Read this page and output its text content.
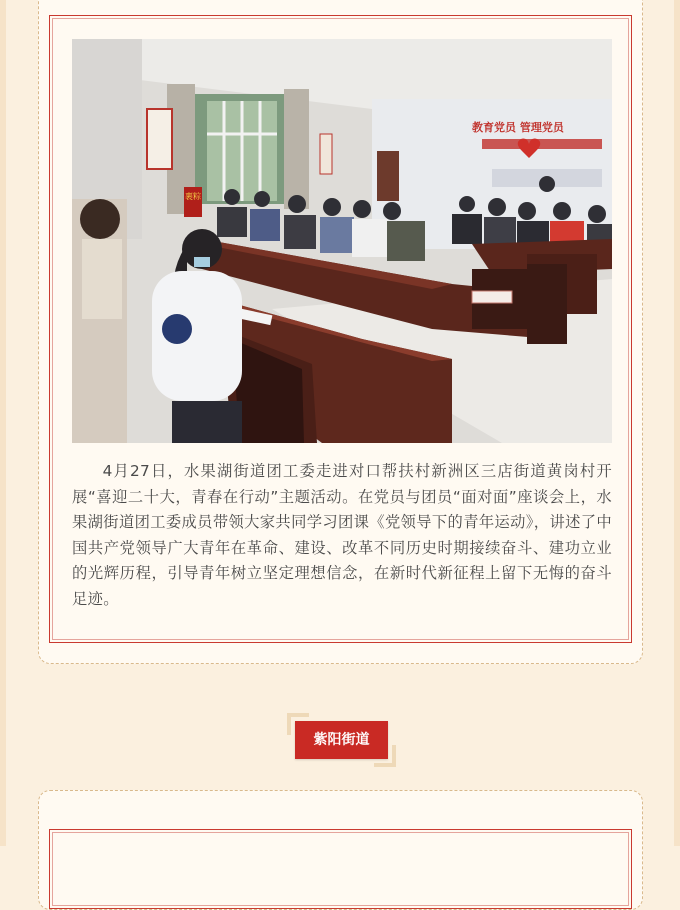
教育党员 管理党员
裹粽

4月27日，水果湖街道团工委走进对口帮扶村新洲区三店街道黄岗村开展“喜迎二十大，青春在行动”主题活动。在党员与团员“面对面”座谈会上，水果湖街道团工委成员带领大家共同学习团课《党领导下的青年运动》，讲述了中国共产党领导广大青年在革命、建设、改革不同历史时期接续奋斗、建功立业的光辉历程，引导青年树立坚定理想信念，在新时代新征程上留下无悔的奋斗足迹。

紫阳街道
